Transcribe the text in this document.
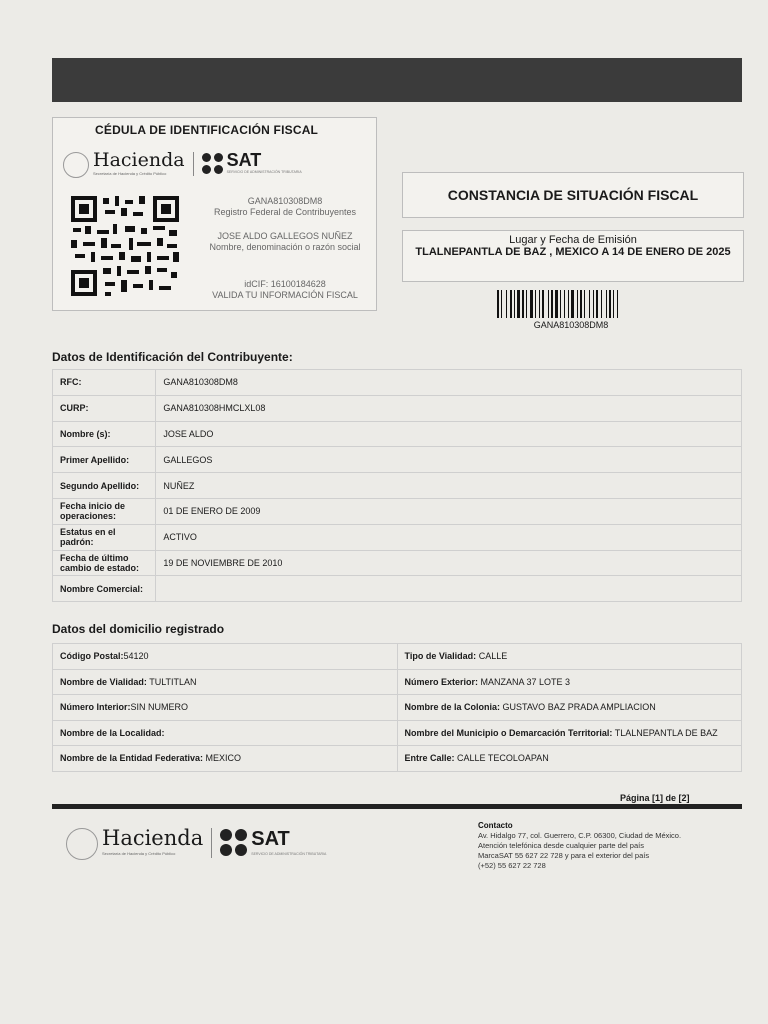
CÉDULA DE IDENTIFICACIÓN FISCAL
Hacienda
Secretaría de Hacienda y Crédito Público
SAT
SERVICIO DE ADMINISTRACIÓN TRIBUTARIA
GANA810308DM8
Registro Federal de Contribuyentes
JOSE ALDO GALLEGOS NUÑEZ
Nombre, denominación o razón social
idCIF: 16100184628
VALIDA TU INFORMACIÓN FISCAL
CONSTANCIA DE SITUACIÓN FISCAL
Lugar y Fecha de Emisión
TLALNEPANTLA DE BAZ , MEXICO A 14 DE ENERO DE 2025
GANA810308DM8
Datos de Identificación del Contribuyente:
RFC:	GANA810308DM8
CURP:	GANA810308HMCLXL08
Nombre (s):	JOSE ALDO
Primer Apellido:	GALLEGOS
Segundo Apellido:	NUÑEZ
Fecha inicio de operaciones:	01 DE ENERO DE 2009
Estatus en el padrón:	ACTIVO
Fecha de último cambio de estado:	19 DE NOVIEMBRE DE 2010
Nombre Comercial:	
Datos del domicilio registrado
Código Postal:54120	Tipo de Vialidad: CALLE
Nombre de Vialidad: TULTITLAN	Número Exterior: MANZANA 37 LOTE 3
Número Interior:SIN NUMERO	Nombre de la Colonia: GUSTAVO BAZ PRADA AMPLIACION
Nombre de la Localidad:	Nombre del Municipio o Demarcación Territorial: TLALNEPANTLA DE BAZ
Nombre de la Entidad Federativa: MEXICO	Entre Calle: CALLE TECOLOAPAN
Página [1] de [2]
Hacienda
Secretaría de Hacienda y Crédito Público
SAT
SERVICIO DE ADMINISTRACIÓN TRIBUTARIA
Contacto
Av. Hidalgo 77, col. Guerrero, C.P. 06300, Ciudad de México.
Atención telefónica desde cualquier parte del país
MarcaSAT 55 627 22 728 y para el exterior del país
(+52) 55 627 22 728
